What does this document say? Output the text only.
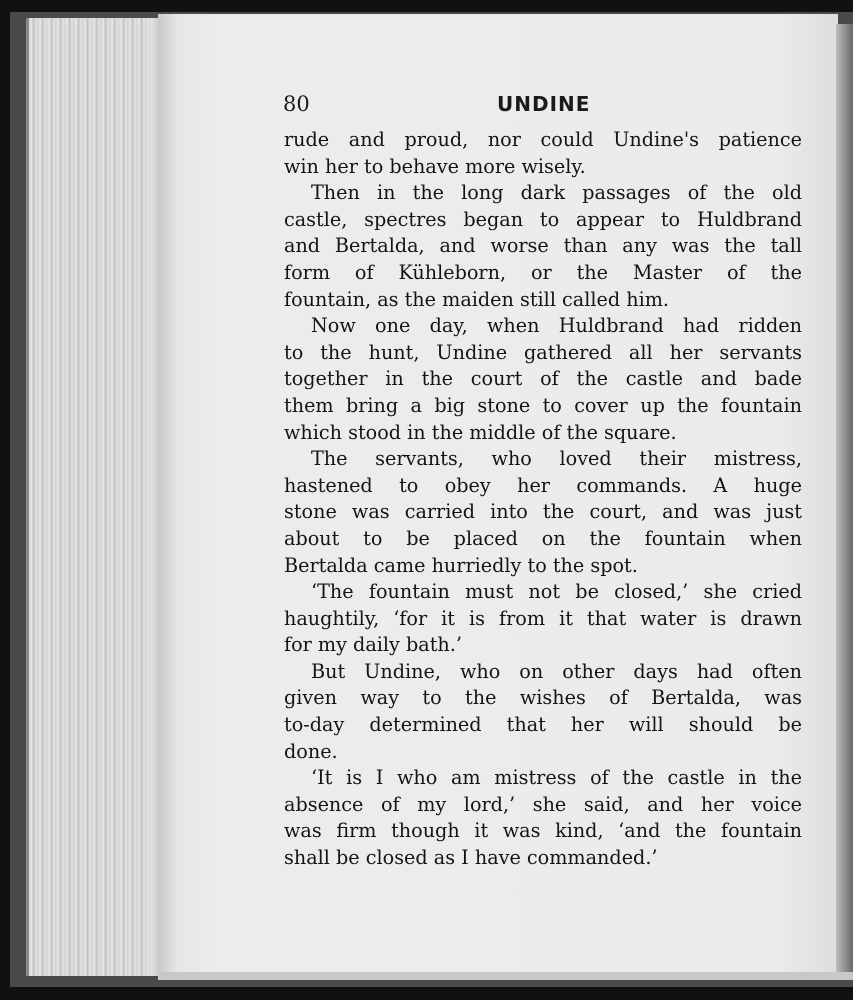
80	UNDINE

rude and proud, nor could Undine's patience
win her to behave more wisely.

Then in the long dark passages of the old
castle, spectres began to appear to Huldbrand
and Bertalda, and worse than any was the tall
form of Kühleborn, or the Master of the
fountain, as the maiden still called him.

Now one day, when Huldbrand had ridden
to the hunt, Undine gathered all her servants
together in the court of the castle and bade
them bring a big stone to cover up the fountain
which stood in the middle of the square.

The servants, who loved their mistress,
hastened to obey her commands. A huge
stone was carried into the court, and was just
about to be placed on the fountain when
Bertalda came hurriedly to the spot.

‘The fountain must not be closed,’ she cried
haughtily, ‘for it is from it that water is drawn
for my daily bath.’

But Undine, who on other days had often
given way to the wishes of Bertalda, was
to-day determined that her will should be
done.

‘It is I who am mistress of the castle in the
absence of my lord,’ she said, and her voice
was firm though it was kind, ‘and the fountain
shall be closed as I have commanded.’
